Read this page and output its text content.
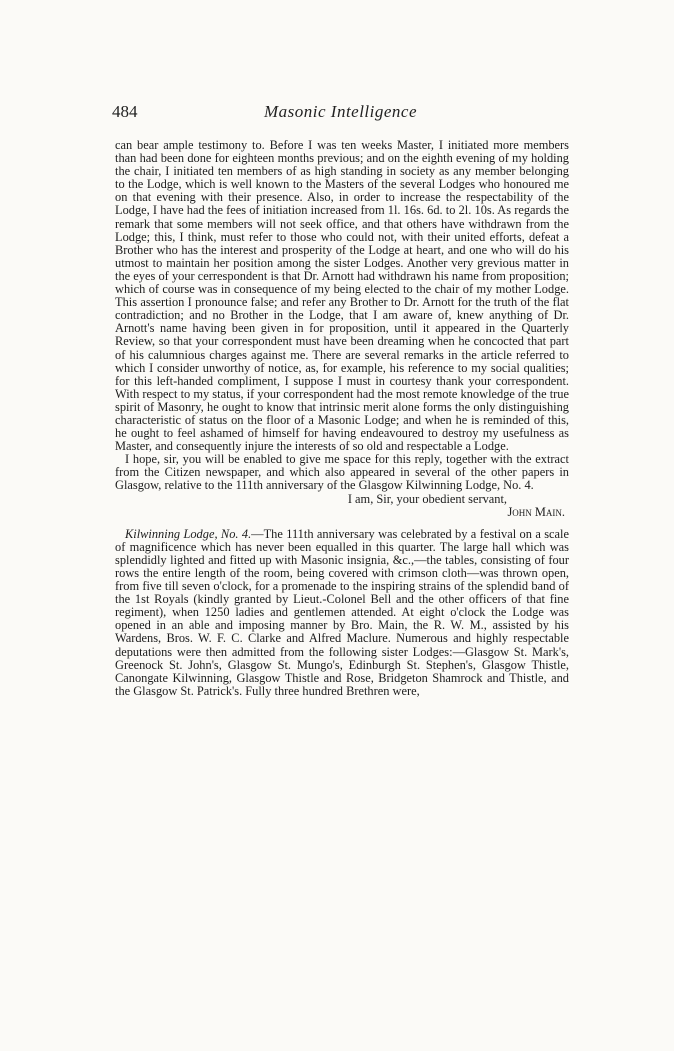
484	Masonic Intelligence

can bear ample testimony to. Before I was ten weeks Master, I initiated more members than had been done for eighteen months previous; and on the eighth evening of my holding the chair, I initiated ten members of as high standing in society as any member belonging to the Lodge, which is well known to the Masters of the several Lodges who honoured me on that evening with their presence. Also, in order to increase the respectability of the Lodge, I have had the fees of initiation increased from 1l. 16s. 6d. to 2l. 10s. As regards the remark that some members will not seek office, and that others have withdrawn from the Lodge; this, I think, must refer to those who could not, with their united efforts, defeat a Brother who has the interest and prosperity of the Lodge at heart, and one who will do his utmost to maintain her position among the sister Lodges. Another very grevious matter in the eyes of your cerrespondent is that Dr. Arnott had withdrawn his name from proposition; which of course was in consequence of my being elected to the chair of my mother Lodge. This assertion I pronounce false; and refer any Brother to Dr. Arnott for the truth of the flat contradiction; and no Brother in the Lodge, that I am aware of, knew anything of Dr. Arnott's name having been given in for proposition, until it appeared in the Quarterly Review, so that your correspondent must have been dreaming when he concocted that part of his calumnious charges against me. There are several remarks in the article referred to which I consider unworthy of notice, as, for example, his reference to my social qualities; for this left-handed compliment, I suppose I must in courtesy thank your correspondent. With respect to my status, if your correspondent had the most remote knowledge of the true spirit of Masonry, he ought to know that intrinsic merit alone forms the only distinguishing characteristic of status on the floor of a Masonic Lodge; and when he is reminded of this, he ought to feel ashamed of himself for having endeavoured to destroy my usefulness as Master, and consequently injure the interests of so old and respectable a Lodge.

I hope, sir, you will be enabled to give me space for this reply, together with the extract from the Citizen newspaper, and which also appeared in several of the other papers in Glasgow, relative to the 111th anniversary of the Glasgow Kilwinning Lodge, No. 4.

I am, Sir, your obedient servant,

John Main.

Kilwinning Lodge, No. 4.—The 111th anniversary was celebrated by a festival on a scale of magnificence which has never been equalled in this quarter. The large hall which was splendidly lighted and fitted up with Masonic insignia, &c.,—the tables, consisting of four rows the entire length of the room, being covered with crimson cloth—was thrown open, from five till seven o'clock, for a promenade to the inspiring strains of the splendid band of the 1st Royals (kindly granted by Lieut.-Colonel Bell and the other officers of that fine regiment), when 1250 ladies and gentlemen attended. At eight o'clock the Lodge was opened in an able and imposing manner by Bro. Main, the R. W. M., assisted by his Wardens, Bros. W. F. C. Clarke and Alfred Maclure. Numerous and highly respectable deputations were then admitted from the following sister Lodges:—Glasgow St. Mark's, Greenock St. John's, Glasgow St. Mungo's, Edinburgh St. Stephen's, Glasgow Thistle, Canongate Kilwinning, Glasgow Thistle and Rose, Bridgeton Shamrock and Thistle, and the Glasgow St. Patrick's. Fully three hundred Brethren were,
